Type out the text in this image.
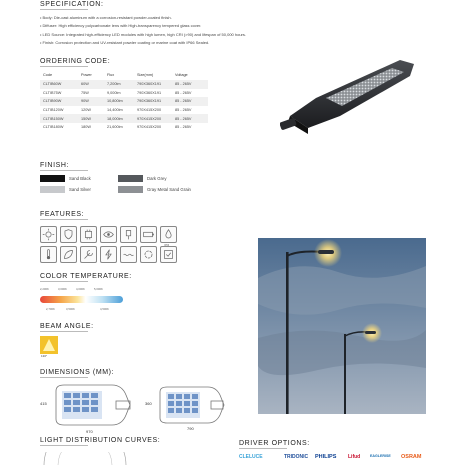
SPECIFICATION:
• Body: Die-cast aluminum with a corrosion-resistant powder-coated finish.
• Diffuser: High efficiency polycarbonate lens with High-transparency tempered glass cover.
• LED Source: Integrated high-efficiency LED modules with high lumen, high CRI (>90) and lifespan of 50,000 hours.
• Finish: Corrosion protection and UV-resistant powder coating or marine coat with IP66 Sealed.
ORDERING CODE:
Code	Power	Flux	Size(mm)	Voltage
CLTIB60W	60W	7,200lm	790X360X191	85 - 265V
CLTIB75W	75W	9,000lm	790X360X191	85 - 265V
CLTIB90W	90W	10,800lm	790X360X191	85 - 265V
CLTIB120W	120W	14,400lm	970X415X200	85 - 265V
CLTIB150W	150W	18,000lm	970X415X200	85 - 265V
CLTIB180W	180W	21,600lm	970X415X200	85 - 265V
FINISH:
Sand Black
Sand Silver
Dark Grey
Gray Metal Sand Grain
FEATURES:
COLOR TEMPERATURE:
2,200K	3,000K	4,000K	5,000K
2,700K	3,500K	4,500K
BEAM ANGLE:
130°
DIMENSIONS (MM):
415
970
360
790
LIGHT DISTRIBUTION CURVES:	DRIVER OPTIONS:
CLELUCE	TRIDONIC PHILIPS Lifud	EAGLERISE OSRAM
